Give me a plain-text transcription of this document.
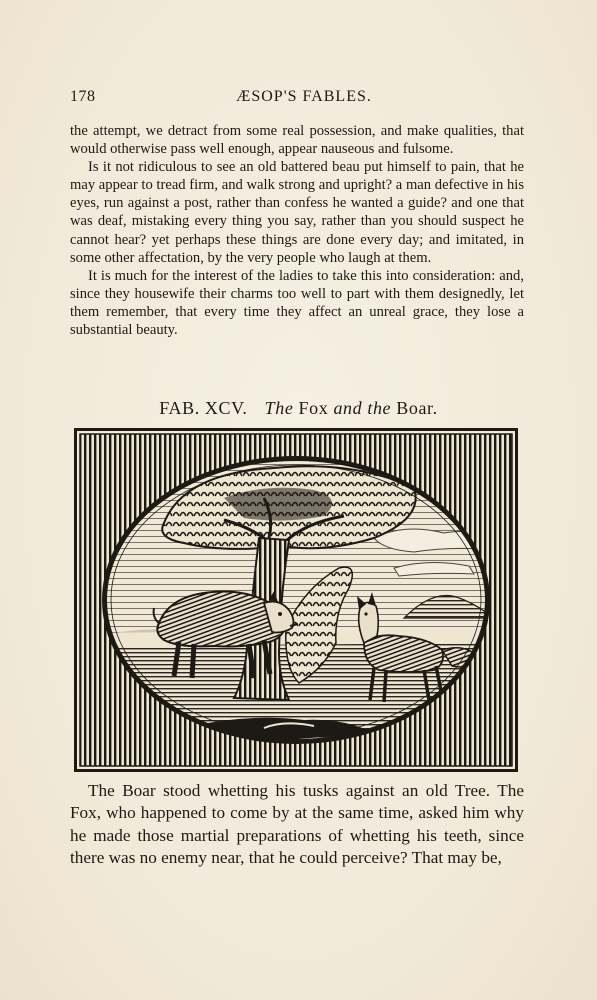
178	ÆSOP'S FABLES.

the attempt, we detract from some real possession, and make qualities, that would otherwise pass well enough, appear nauseous and fulsome.

Is it not ridiculous to see an old battered beau put himself to pain, that he may appear to tread firm, and walk strong and upright? a man defective in his eyes, run against a post, rather than confess he wanted a guide? and one that was deaf, mistaking every thing you say, rather than you should suspect he cannot hear? yet perhaps these things are done every day; and imitated, in some other affectation, by the very people who laugh at them.

It is much for the interest of the ladies to take this into consideration: and, since they housewife their charms too well to part with them designedly, let them remember, that every time they affect an unreal grace, they lose a substantial beauty.

FAB. XCV. The Fox and the Boar.

The Boar stood whetting his tusks against an old Tree. The Fox, who happened to come by at the same time, asked him why he made those martial preparations of whetting his teeth, since there was no enemy near, that he could perceive? That may be,
